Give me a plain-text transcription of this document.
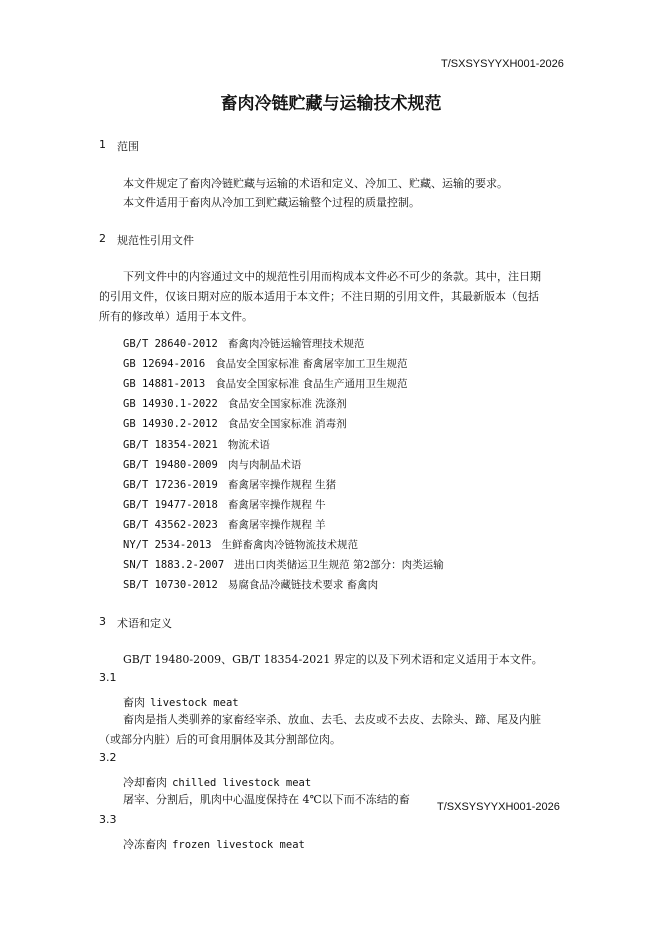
T/SXSYSYYXH001-2026
畜肉冷链贮藏与运输技术规范
1 范围
本文件规定了畜肉冷链贮藏与运输的术语和定义、冷加工、贮藏、运输的要求。
本文件适用于畜肉从冷加工到贮藏运输整个过程的质量控制。
2 规范性引用文件
下列文件中的内容通过文中的规范性引用而构成本文件必不可少的条款。其中，注日期
的引用文件，仅该日期对应的版本适用于本文件；不注日期的引用文件，其最新版本（包括
所有的修改单）适用于本文件。
GB/T 28640-2012 畜禽肉冷链运输管理技术规范
GB 12694-2016 食品安全国家标准 畜禽屠宰加工卫生规范
GB 14881-2013 食品安全国家标准 食品生产通用卫生规范
GB 14930.1-2022 食品安全国家标准 洗涤剂
GB 14930.2-2012 食品安全国家标准 消毒剂
GB/T 18354-2021 物流术语
GB/T 19480-2009 肉与肉制品术语
GB/T 17236-2019 畜禽屠宰操作规程 生猪
GB/T 19477-2018 畜禽屠宰操作规程 牛
GB/T 43562-2023 畜禽屠宰操作规程 羊
NY/T 2534-2013 生鲜畜禽肉冷链物流技术规范
SN/T 1883.2-2007 进出口肉类储运卫生规范 第2部分：肉类运输
SB/T 10730-2012 易腐食品冷藏链技术要求 畜禽肉
3 术语和定义
GB/T 19480-2009、GB/T 18354-2021 界定的以及下列术语和定义适用于本文件。
3.1
畜肉 livestock meat
畜肉是指人类驯养的家畜经宰杀、放血、去毛、去皮或不去皮、去除头、蹄、尾及内脏
（或部分内脏）后的可食用胴体及其分割部位肉。
3.2
冷却畜肉 chilled livestock meat
屠宰、分割后，肌肉中心温度保持在 4℃以下而不冻结的畜
T/SXSYSYYXH001-2026
3.3
冷冻畜肉 frozen livestock meat
